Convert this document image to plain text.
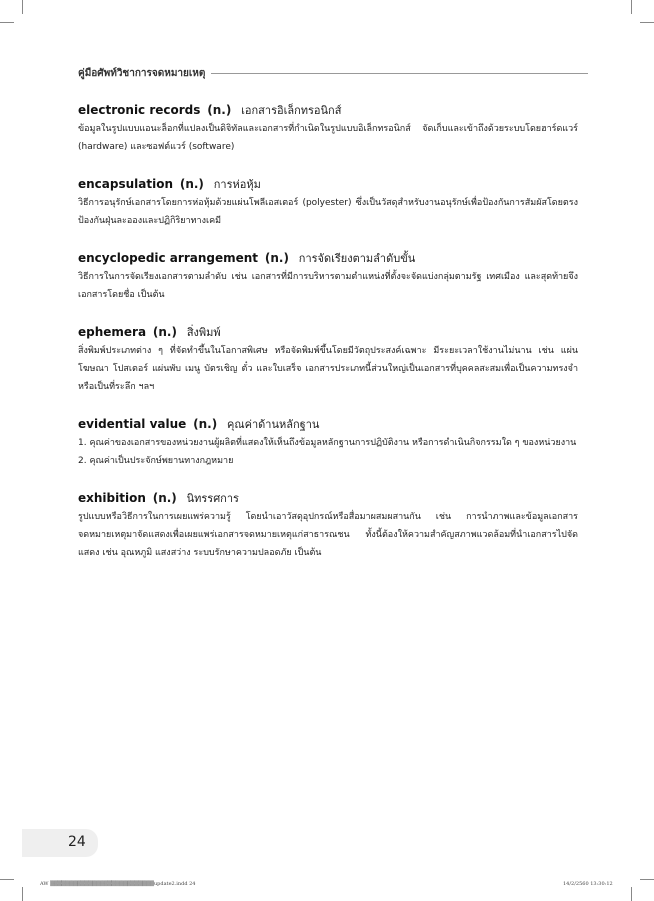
คู่มือศัพท์วิชาการจดหมายเหตุ
electronic records (n.) เอกสารอิเล็กทรอนิกส์
ข้อมูลในรูปแบบแอนะล็อกที่แปลงเป็นดิจิทัลและเอกสารที่กำเนิดในรูปแบบอิเล็กทรอนิกส์ จัดเก็บและเข้าถึงด้วยระบบโดยฮาร์ดแวร์ (hardware) และซอฟต์แวร์ (software)
encapsulation (n.) การห่อหุ้ม
วิธีการอนุรักษ์เอกสารโดยการห่อหุ้มด้วยแผ่นโพลีเอสเตอร์ (polyester) ซึ่งเป็นวัสดุสำหรับงานอนุรักษ์เพื่อป้องกันการสัมผัสโดยตรง ป้องกันฝุ่นละอองและปฏิกิริยาทางเคมี
encyclopedic arrangement (n.) การจัดเรียงตามลำดับขั้น
วิธีการในการจัดเรียงเอกสารตามลำดับ เช่น เอกสารที่มีการบริหารตามตำแหน่งที่ตั้งจะจัดแบ่งกลุ่มตามรัฐ เทศเมือง และสุดท้ายจึงเอกสารโดยชื่อ เป็นต้น
ephemera (n.) สิ่งพิมพ์
สิ่งพิมพ์ประเภทต่าง ๆ ที่จัดทำขึ้นในโอกาสพิเศษ หรือจัดพิมพ์ขึ้นโดยมีวัตถุประสงค์เฉพาะ มีระยะเวลาใช้งานไม่นาน เช่น แผ่นโฆษณา โปสเตอร์ แผ่นพับ เมนู บัตรเชิญ ตั๋ว และใบเสร็จ เอกสารประเภทนี้ส่วนใหญ่เป็นเอกสารที่บุคคลสะสมเพื่อเป็นความทรงจำหรือเป็นที่ระลึก ฯลฯ
evidential value (n.) คุณค่าด้านหลักฐาน
1. คุณค่าของเอกสารของหน่วยงานผู้ผลิตที่แสดงให้เห็นถึงข้อมูลหลักฐานการปฏิบัติงาน หรือการดำเนินกิจกรรมใด ๆ ของหน่วยงาน
2. คุณค่าเป็นประจักษ์พยานทางกฎหมาย
exhibition (n.) นิทรรศการ
รูปแบบหรือวิธีการในการเผยแพร่ความรู้ โดยนำเอาวัสดุอุปกรณ์หรือสื่อมาผสมผสานกัน เช่น การนำภาพและข้อมูลเอกสารจดหมายเหตุมาจัดแสดงเพื่อเผยแพร่เอกสารจดหมายเหตุแก่สาธารณชน ทั้งนี้ต้องให้ความสำคัญสภาพแวดล้อมที่นำเอกสารไปจัดแสดง เช่น อุณหภูมิ แสงสว่าง ระบบรักษาความปลอดภัย เป็นต้น
24
AW ▒▒▒▒▒▒▒▒▒▒▒▒▒▒▒▒▒▒▒▒▒▒▒▒▒▒▒update2.indd 24	14/2/2560 13:30:12
